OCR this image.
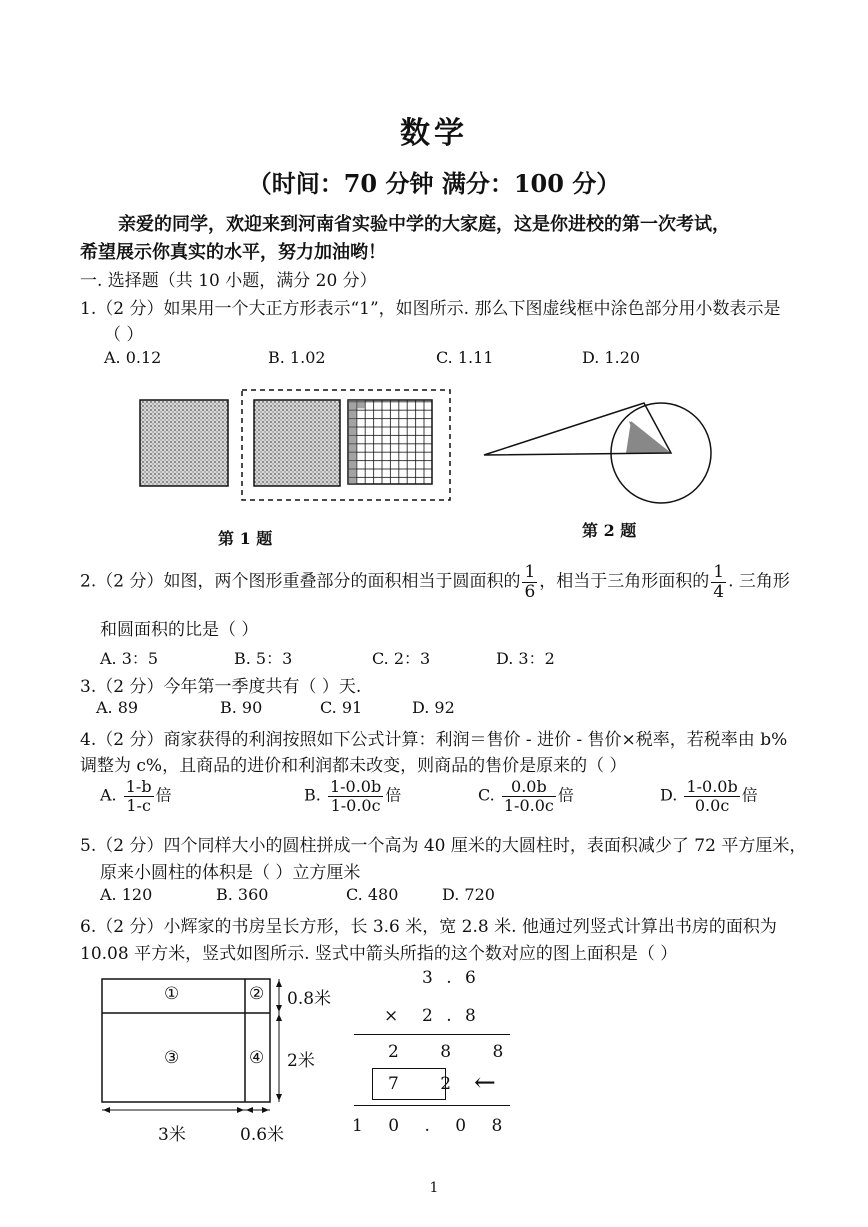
数学
（时间：70 分钟 满分：100 分）
亲爱的同学，欢迎来到河南省实验中学的大家庭，这是你进校的第一次考试，
希望展示你真实的水平，努力加油哟！
一. 选择题（共 10 小题，满分 20 分）
1.（2 分）如果用一个大正方形表示“1”，如图所示. 那么下图虚线框中涂色部分用小数表示是
（ ）
A. 0.12	B. 1.02	C. 1.11	D. 1.20
第 1 题	第 2 题
2.（2 分）如图，两个图形重叠部分的面积相当于圆面积的 $\frac{1}{6}$ ，相当于三角形面积的 $\frac{1}{4}$ . 三角形
和圆面积的比是（ ）
A. 3：5	B. 5：3	C. 2：3	D. 3：2
3.（2 分）今年第一季度共有（ ）天.
A. 89	B. 90	C. 91	D. 92
4.（2 分）商家获得的利润按照如下公式计算：利润＝售价 - 进价 - 售价×税率，若税率由 b%
调整为 c%，且商品的进价和利润都未改变，则商品的售价是原来的（ ）
A. $\frac{1-b}{1-c}$ 倍	B. $\frac{1-0.0b}{1-0.0c}$ 倍	C. $\frac{0.0b}{1-0.0c}$ 倍	D. $\frac{1-0.0b}{0.0c}$ 倍
5.（2 分）四个同样大小的圆柱拼成一个高为 40 厘米的大圆柱时，表面积减少了 72 平方厘米，
原来小圆柱的体积是（ ）立方厘米
A. 120	B. 360	C. 480	D. 720
6.（2 分）小辉家的书房呈长方形，长 3.6 米，宽 2.8 米. 他通过列竖式计算出书房的面积为
10.08 平方米，竖式如图所示. 竖式中箭头所指的这个数对应的图上面积是（ ）
①	②
③	④
0.8米
2米
3米	0.6米
3 . 6
× 2 . 8
2 8 8
7 2 ←
1 0 . 0 8
1
